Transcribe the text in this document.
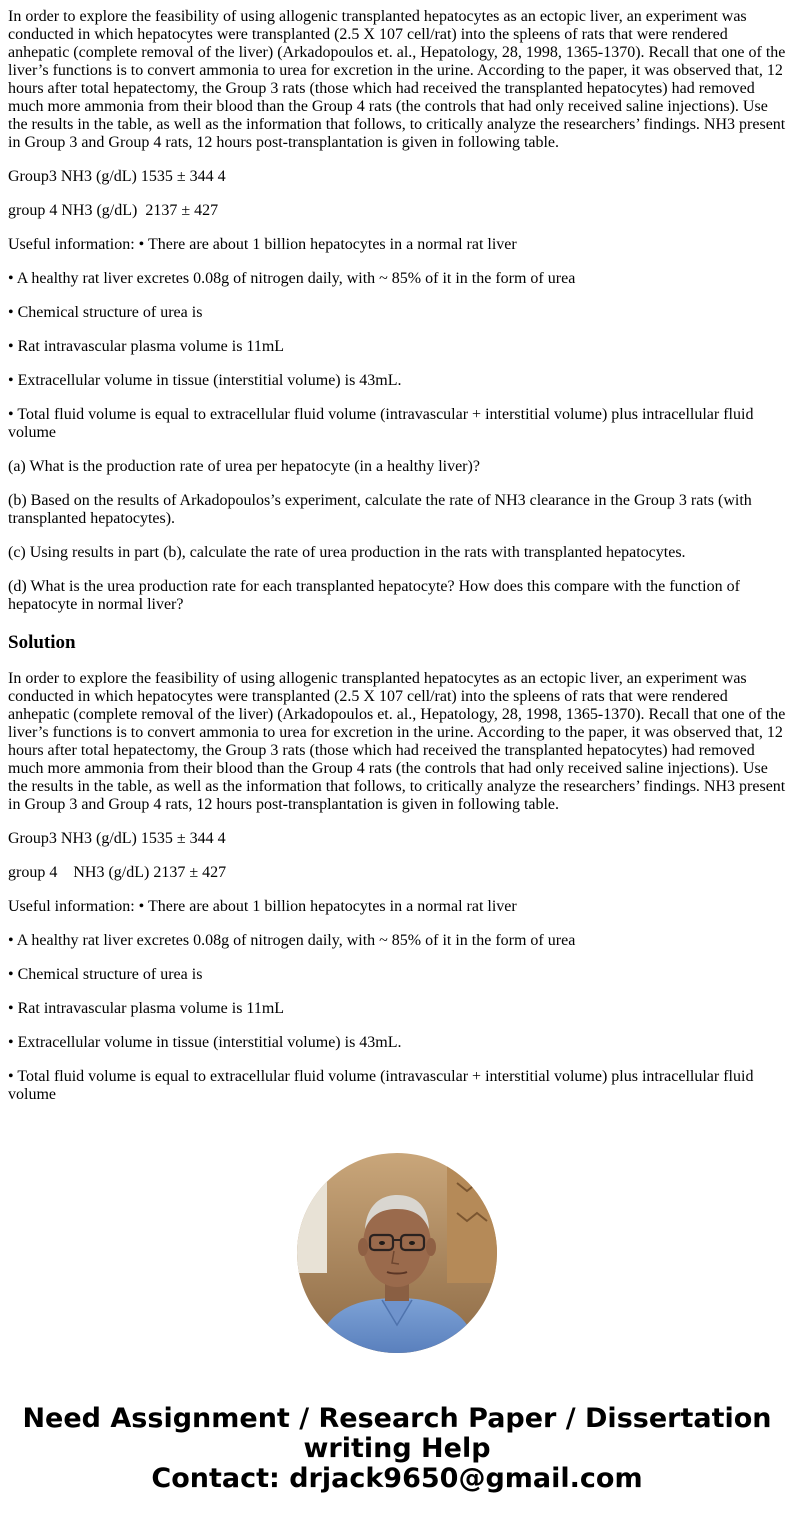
In order to explore the feasibility of using allogenic transplanted hepatocytes as an ectopic liver, an experiment was conducted in which hepatocytes were transplanted (2.5 X 107 cell/rat) into the spleens of rats that were rendered anhepatic (complete removal of the liver) (Arkadopoulos et. al., Hepatology, 28, 1998, 1365-1370). Recall that one of the liver’s functions is to convert ammonia to urea for excretion in the urine. According to the paper, it was observed that, 12 hours after total hepatectomy, the Group 3 rats (those which had received the transplanted hepatocytes) had removed much more ammonia from their blood than the Group 4 rats (the controls that had only received saline injections). Use the results in the table, as well as the information that follows, to critically analyze the researchers’ findings. NH3 present in Group 3 and Group 4 rats, 12 hours post-transplantation is given in following table.

Group3 NH3 (g/dL) 1535 ± 344 4

group 4 NH3 (g/dL)  2137 ± 427

Useful information: • There are about 1 billion hepatocytes in a normal rat liver

• A healthy rat liver excretes 0.08g of nitrogen daily, with ~ 85% of it in the form of urea

• Chemical structure of urea is

• Rat intravascular plasma volume is 11mL

• Extracellular volume in tissue (interstitial volume) is 43mL.

• Total fluid volume is equal to extracellular fluid volume (intravascular + interstitial volume) plus intracellular fluid volume

(a) What is the production rate of urea per hepatocyte (in a healthy liver)?

(b) Based on the results of Arkadopoulos’s experiment, calculate the rate of NH3 clearance in the Group 3 rats (with transplanted hepatocytes).

(c) Using results in part (b), calculate the rate of urea production in the rats with transplanted hepatocytes.

(d) What is the urea production rate for each transplanted hepatocyte? How does this compare with the function of hepatocyte in normal liver?

Solution

In order to explore the feasibility of using allogenic transplanted hepatocytes as an ectopic liver, an experiment was conducted in which hepatocytes were transplanted (2.5 X 107 cell/rat) into the spleens of rats that were rendered anhepatic (complete removal of the liver) (Arkadopoulos et. al., Hepatology, 28, 1998, 1365-1370). Recall that one of the liver’s functions is to convert ammonia to urea for excretion in the urine. According to the paper, it was observed that, 12 hours after total hepatectomy, the Group 3 rats (those which had received the transplanted hepatocytes) had removed much more ammonia from their blood than the Group 4 rats (the controls that had only received saline injections). Use the results in the table, as well as the information that follows, to critically analyze the researchers’ findings. NH3 present in Group 3 and Group 4 rats, 12 hours post-transplantation is given in following table.

Group3 NH3 (g/dL) 1535 ± 344 4

group 4    NH3 (g/dL) 2137 ± 427

Useful information: • There are about 1 billion hepatocytes in a normal rat liver

• A healthy rat liver excretes 0.08g of nitrogen daily, with ~ 85% of it in the form of urea

• Chemical structure of urea is

• Rat intravascular plasma volume is 11mL

• Extracellular volume in tissue (interstitial volume) is 43mL.

• Total fluid volume is equal to extracellular fluid volume (intravascular + interstitial volume) plus intracellular fluid volume

Need Assignment / Research Paper / Dissertation
writing Help
Contact: drjack9650@gmail.com
